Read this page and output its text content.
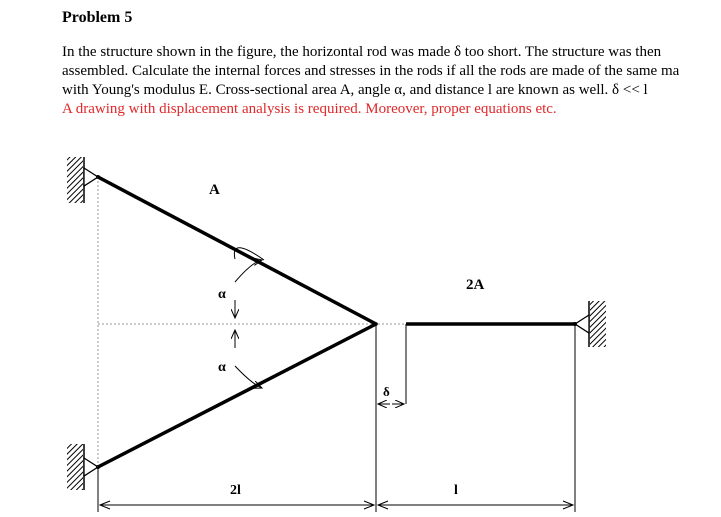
Problem 5
In the structure shown in the figure, the horizontal rod was made δ too short. The structure was then
assembled. Calculate the internal forces and stresses in the rods if all the rods are made of the same ma
with Young's modulus E. Cross-sectional area A, angle α, and distance l are known as well. δ << l
A drawing with displacement analysis is required. Moreover, proper equations etc.
A
2A
α
α
δ
2l	l
